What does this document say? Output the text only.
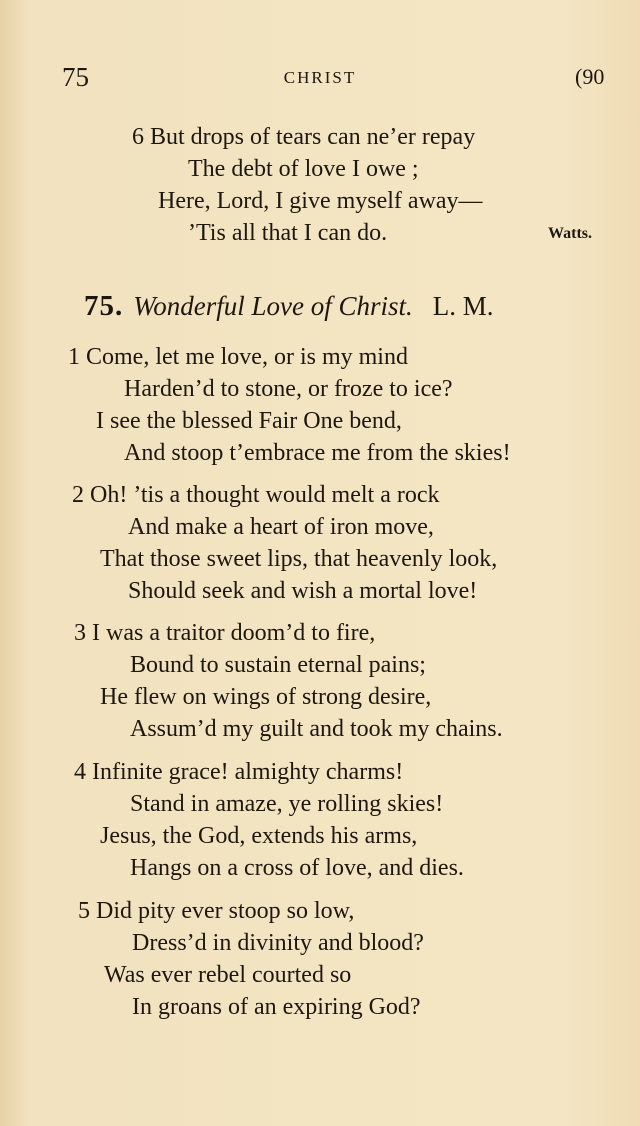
75	CHRIST	(90
6 But drops of tears can ne’er repay
The debt of love I owe ;
Here, Lord, I give myself away—
’Tis all that I can do.	Watts.
75. Wonderful Love of Christ. L. M.
1 Come, let me love, or is my mind
Harden’d to stone, or froze to ice?
I see the blessed Fair One bend,
And stoop t’embrace me from the skies!
2 Oh! ’tis a thought would melt a rock
And make a heart of iron move,
That those sweet lips, that heavenly look,
Should seek and wish a mortal love!
3 I was a traitor doom’d to fire,
Bound to sustain eternal pains;
He flew on wings of strong desire,
Assum’d my guilt and took my chains.
4 Infinite grace! almighty charms!
Stand in amaze, ye rolling skies!
Jesus, the God, extends his arms,
Hangs on a cross of love, and dies.
5 Did pity ever stoop so low,
Dress’d in divinity and blood?
Was ever rebel courted so
In groans of an expiring God?
